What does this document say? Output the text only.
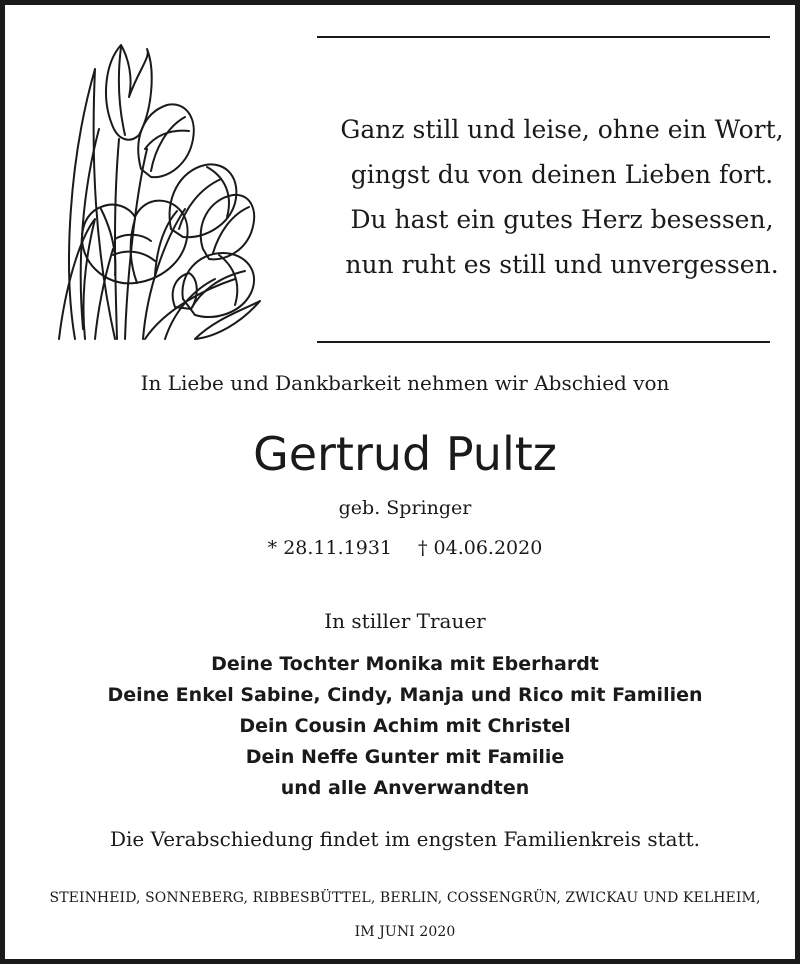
Ganz still und leise, ohne ein Wort,
gingst du von deinen Lieben fort.
Du hast ein gutes Herz besessen,
nun ruht es still und unvergessen.
In Liebe und Dankbarkeit nehmen wir Abschied von
Gertrud Pultz
geb. Springer
* 28.11.1931 † 04.06.2020
In stiller Trauer
Deine Tochter Monika mit Eberhardt
Deine Enkel Sabine, Cindy, Manja und Rico mit Familien
Dein Cousin Achim mit Christel
Dein Neffe Gunter mit Familie
und alle Anverwandten
Die Verabschiedung findet im engsten Familienkreis statt.
STEINHEID, SONNEBERG, RIBBESBÜTTEL, BERLIN, COSSENGRÜN, ZWICKAU UND KELHEIM,
IM JUNI 2020
